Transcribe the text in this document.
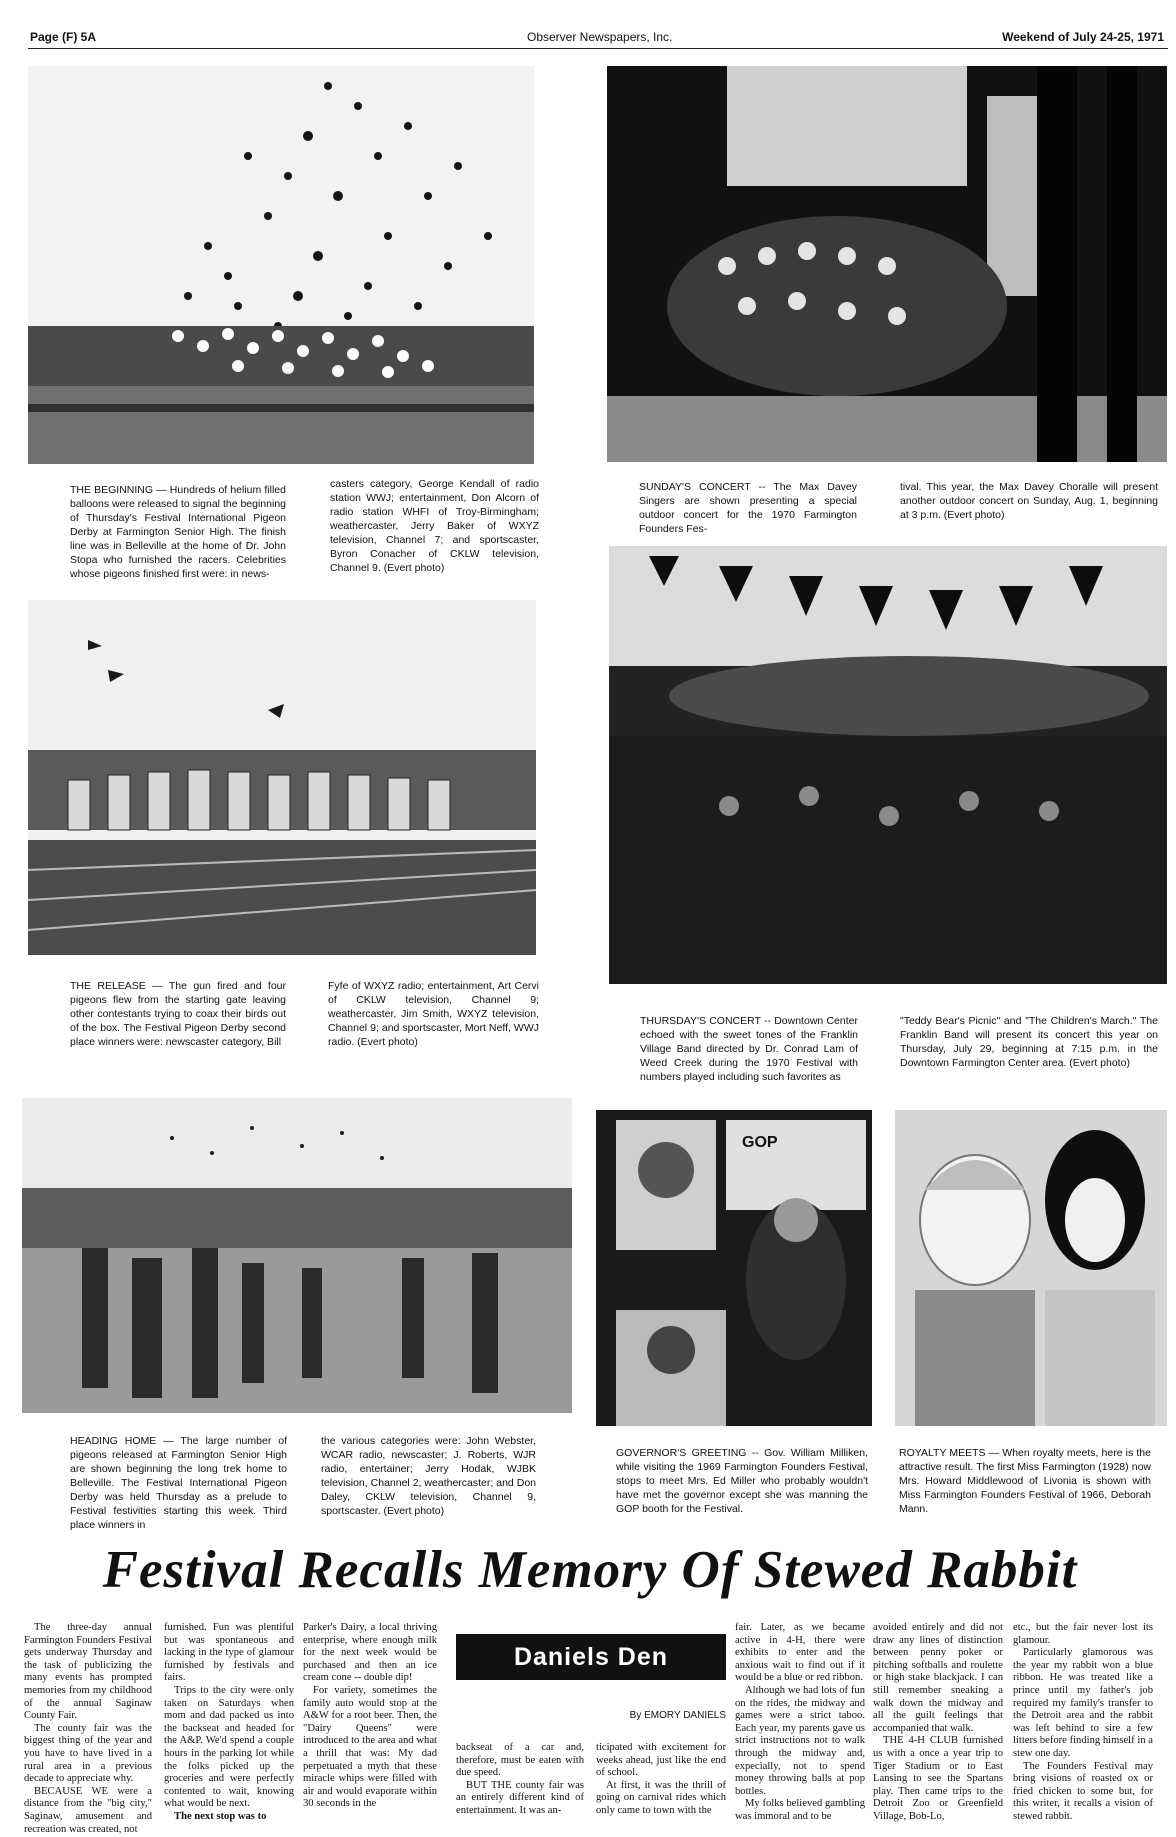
Page (F) 5A	Observer Newspapers, Inc.	Weekend of July 24-25, 1971
THE BEGINNING — Hundreds of helium filled balloons were released to signal the beginning of Thursday's Festival International Pigeon Derby at Farmington Senior High. The finish line was in Belleville at the home of Dr. John Stopa who furnished the racers. Celebrities whose pigeons finished first were: in news-
casters category, George Kendall of radio station WWJ; entertainment, Don Alcorn of radio station WHFI of Troy-Birmingham; weathercaster, Jerry Baker of WXYZ television, Channel 7; and sportscaster, Byron Conacher of CKLW television, Channel 9. (Evert photo)
SUNDAY'S CONCERT -- The Max Davey Singers are shown presenting a special outdoor concert for the 1970 Farmington Founders Fes-
tival. This year, the Max Davey Choralle will present another outdoor concert on Sunday, Aug. 1, beginning at 3 p.m. (Evert photo)
THE RELEASE — The gun fired and four pigeons flew from the starting gate leaving other contestants trying to coax their birds out of the box. The Festival Pigeon Derby second place winners were: newscaster category, Bill
Fyfe of WXYZ radio; entertainment, Art Cervi of CKLW television, Channel 9; weathercaster, Jim Smith, WXYZ television, Channel 9; and sportscaster, Mort Neff, WWJ radio. (Evert photo)
THURSDAY'S CONCERT -- Downtown Center echoed with the sweet tones of the Franklin Village Band directed by Dr. Conrad Lam of Weed Creek during the 1970 Festival with numbers played including such favorites as
"Teddy Bear's Picnic" and "The Children's March." The Franklin Band will present its concert this year on Thursday, July 29, beginning at 7:15 p.m. in the Downtown Farmington Center area. (Evert photo)
GOP
HEADING HOME — The large number of pigeons released at Farmington Senior High are shown beginning the long trek home to Belleville. The Festival International Pigeon Derby was held Thursday as a prelude to Festival festivities starting this week. Third place winners in
the various categories were: John Webster, WCAR radio, newscaster; J. Roberts, WJR radio, entertainer; Jerry Hodak, WJBK television, Channel 2, weathercaster; and Don Daley, CKLW television, Channel 9, sportscaster. (Evert photo)
GOVERNOR'S GREETING -- Gov. William Milliken, while visiting the 1969 Farmington Founders Festival, stops to meet Mrs. Ed Miller who probably wouldn't have met the governor except she was manning the GOP booth for the Festival.
ROYALTY MEETS — When royalty meets, here is the attractive result. The first Miss Farmington (1928) now Mrs. Howard Middlewood of Livonia is shown with Miss Farmington Founders Festival of 1966, Deborah Mann.
Festival Recalls Memory Of Stewed Rabbit

The three-day annual Farmington Founders Festival gets underway Thursday and the task of publicizing the many events has prompted memories from my childhood of the annual Saginaw County Fair.

The county fair was the biggest thing of the year and you have to have lived in a rural area in a previous decade to appreciate why.

BECAUSE WE were a distance from the "big city," Saginaw, amusement and recreation was created, not

furnished. Fun was plentiful but was spontaneous and lacking in the type of glamour furnished by festivals and fairs.

Trips to the city were only taken on Saturdays when mom and dad packed us into the backseat and headed for the A&P. We'd spend a couple hours in the parking lot while the folks picked up the groceries and were perfectly contented to wait, knowing what would be next.

The next stop was to

Parker's Dairy, a local thriving enterprise, where enough milk for the next week would be purchased and then an ice cream cone -- double dip!

For variety, sometimes the family auto would stop at the A&W for a root beer. Then, the "Dairy Queens" were introduced to the area and what a thrill that was: My dad perpetuated a myth that these miracle whips were filled with air and would evaporate within 30 seconds in the

Daniels Den
By EMORY DANIELS

backseat of a car and, therefore, must be eaten with due speed.

BUT THE county fair was an entirely different kind of entertainment. It was an-

ticipated with excitement for weeks ahead, just like the end of school.

At first, it was the thrill of going on carnival rides which only came to town with the

fair. Later, as we became active in 4-H, there were exhibits to enter and the anxious wait to find out if it would be a blue or red ribbon.

Although we had lots of fun on the rides, the midway and games were a strict taboo. Each year, my parents gave us strict instructions not to walk through the midway and, expecially, not to spend money throwing balls at pop bottles.

My folks believed gambling was immoral and to be

avoided entirely and did not draw any lines of distinction between penny poker or pitching softballs and roulette or high stake blackjack. I can still remember sneaking a walk down the midway and all the guilt feelings that accompanied that walk.

THE 4-H CLUB furnished us with a once a year trip to Tiger Stadium or to East Lansing to see the Spartans play. Then came trips to the Detroit Zoo or Greenfield Village, Bob-Lo,

etc., but the fair never lost its glamour.

Particularly glamorous was the year my rabbit won a blue ribbon. He was treated like a prince until my father's job required my family's transfer to the Detroit area and the rabbit was left behind to sire a few litters before finding himself in a stew one day.

The Founders Festival may bring visions of roasted ox or fried chicken to some but, for this writer, it recalls a vision of stewed rabbit.
